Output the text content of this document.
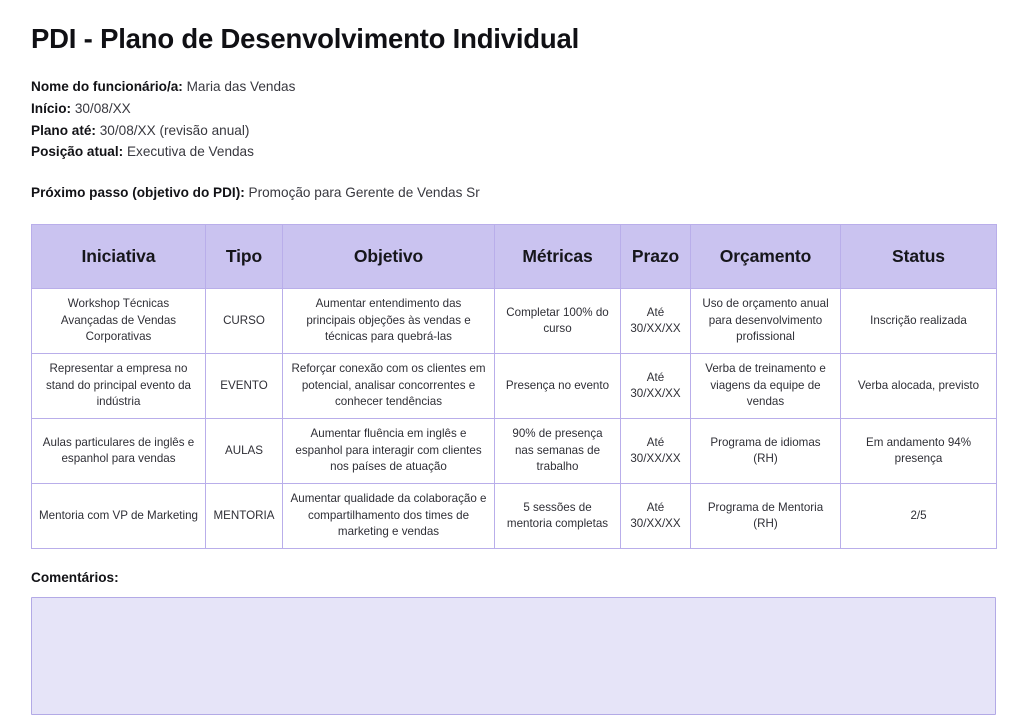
PDI - Plano de Desenvolvimento Individual
Nome do funcionário/a: Maria das Vendas
Início: 30/08/XX
Plano até: 30/08/XX (revisão anual)
Posição atual: Executiva de Vendas
Próximo passo (objetivo do PDI): Promoção para Gerente de Vendas Sr
Iniciativa	Tipo	Objetivo	Métricas	Prazo	Orçamento	Status
Workshop Técnicas Avançadas de Vendas Corporativas	CURSO	Aumentar entendimento das principais objeções às vendas e técnicas para quebrá-las	Completar 100% do curso	Até 30/XX/XX	Uso de orçamento anual para desenvolvimento profissional	Inscrição realizada
Representar a empresa no stand do principal evento da indústria	EVENTO	Reforçar conexão com os clientes em potencial, analisar concorrentes e conhecer tendências	Presença no evento	Até 30/XX/XX	Verba de treinamento e viagens da equipe de vendas	Verba alocada, previsto
Aulas particulares de inglês e espanhol para vendas	AULAS	Aumentar fluência em inglês e espanhol para interagir com clientes nos países de atuação	90% de presença nas semanas de trabalho	Até 30/XX/XX	Programa de idiomas (RH)	Em andamento 94% presença
Mentoria com VP de Marketing	MENTORIA	Aumentar qualidade da colaboração e compartilhamento dos times de marketing e vendas	5 sessões de mentoria completas	Até 30/XX/XX	Programa de Mentoria (RH)	2/5
Comentários:
